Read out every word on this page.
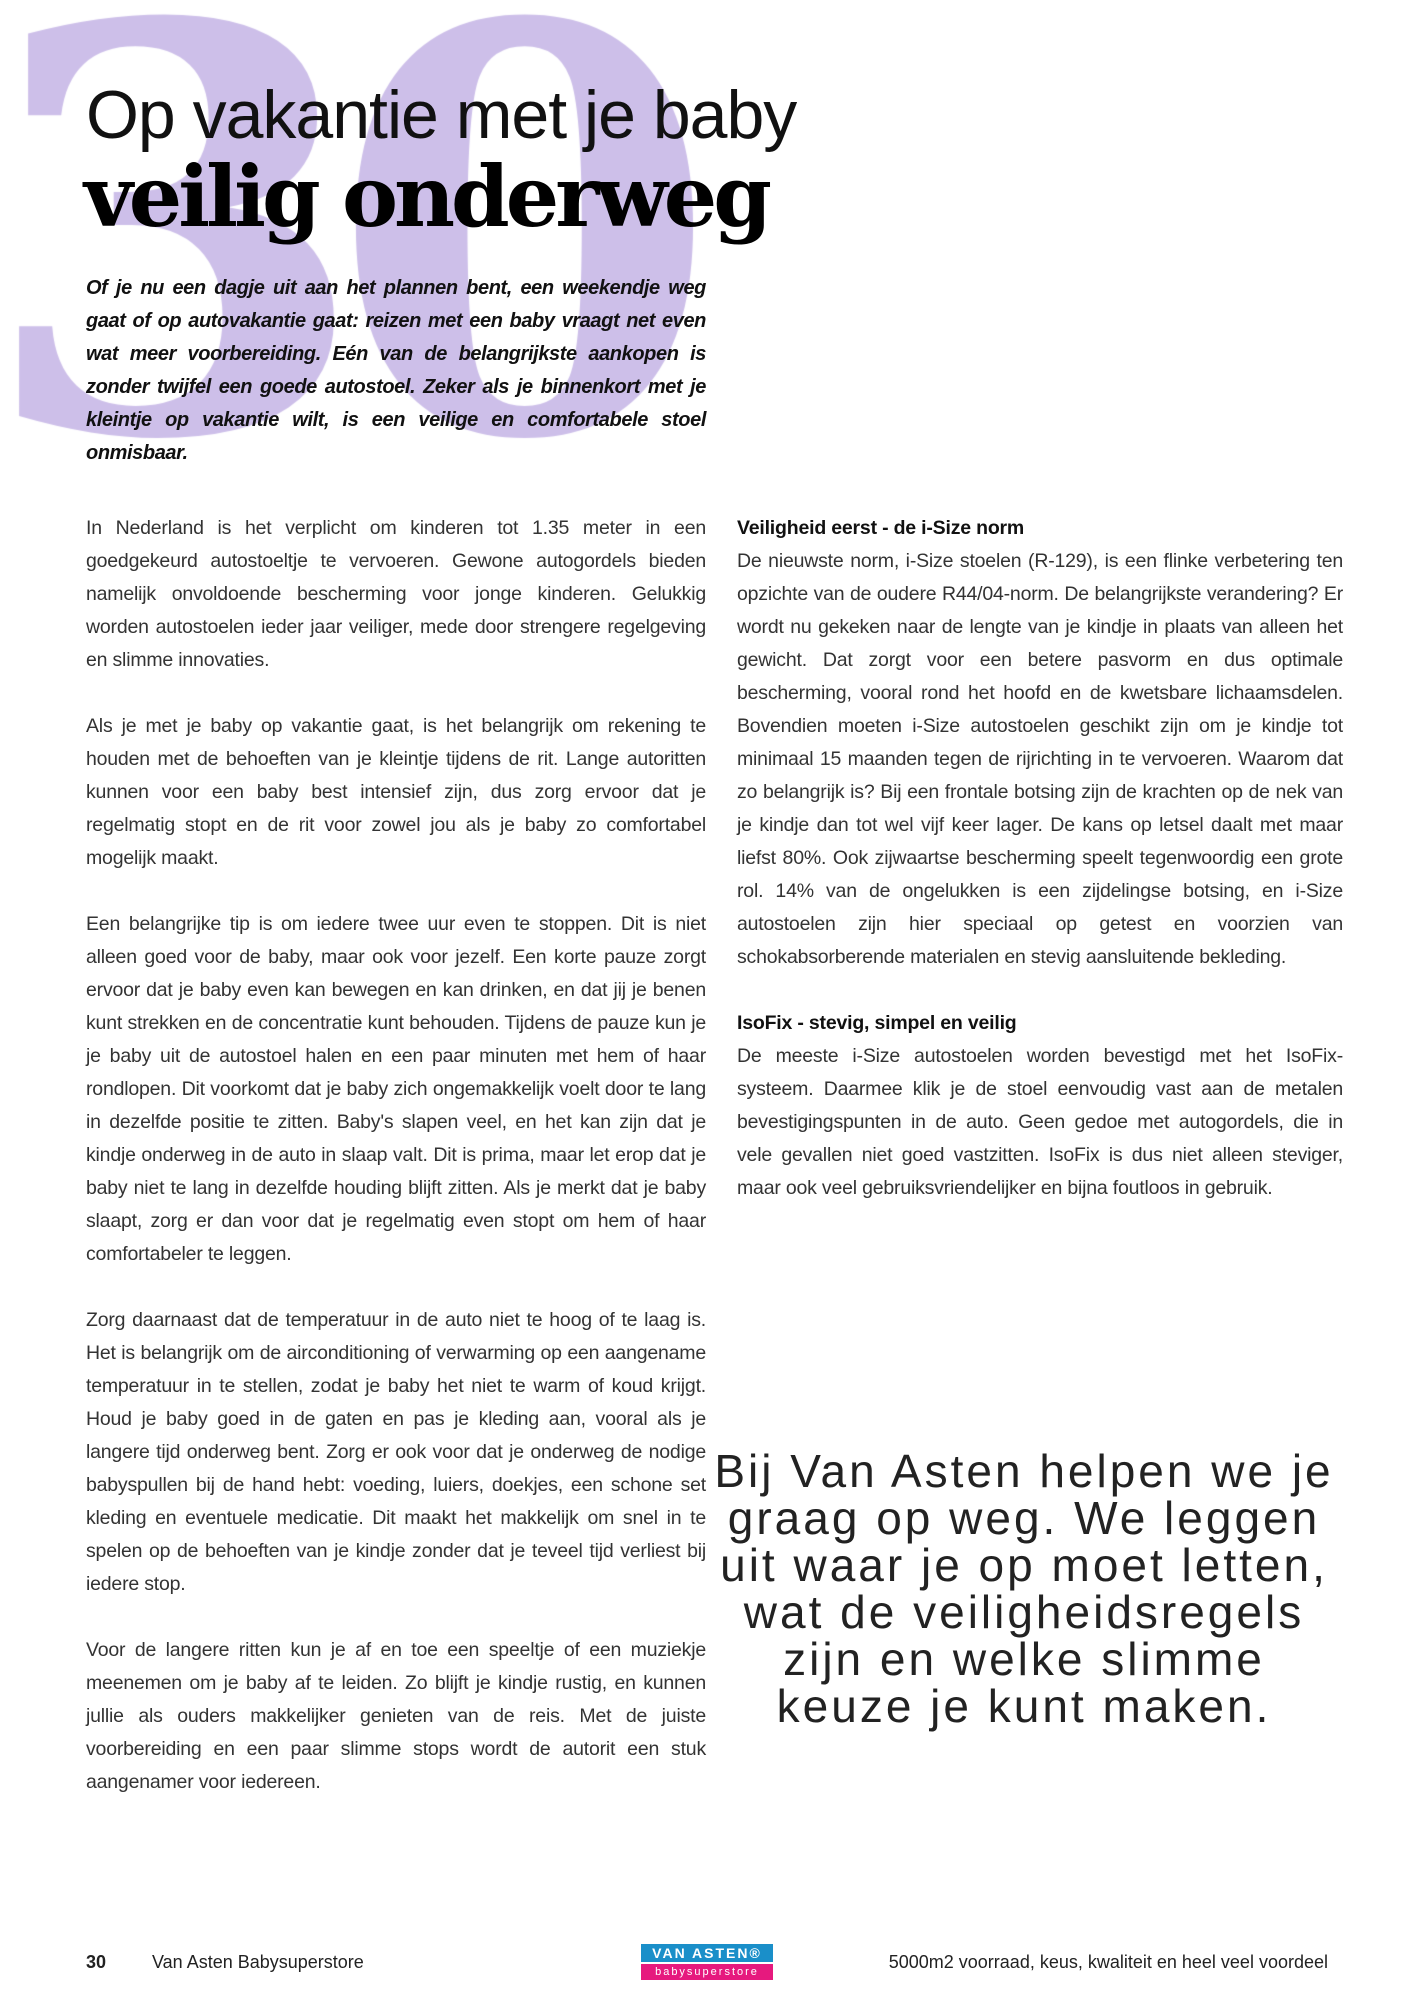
Op vakantie met je baby
veilig onderweg
Of je nu een dagje uit aan het plannen bent, een weekendje weg gaat of op autovakantie gaat: reizen met een baby vraagt net even wat meer voorbereiding. Eén van de belangrijkste aankopen is zonder twijfel een goede autostoel. Zeker als je binnenkort met je kleintje op vakantie wilt, is een veilige en comfortabele stoel onmisbaar.

In Nederland is het verplicht om kinderen tot 1.35 meter in een goedgekeurd autostoeltje te vervoeren. Gewone autogordels bieden namelijk onvoldoende bescherming voor jonge kinderen. Gelukkig worden autostoelen ieder jaar veiliger, mede door strengere regelgeving en slimme innovaties.

Als je met je baby op vakantie gaat, is het belangrijk om rekening te houden met de behoeften van je kleintje tijdens de rit. Lange autoritten kunnen voor een baby best intensief zijn, dus zorg ervoor dat je regelmatig stopt en de rit voor zowel jou als je baby zo comfortabel mogelijk maakt.

Een belangrijke tip is om iedere twee uur even te stoppen. Dit is niet alleen goed voor de baby, maar ook voor jezelf. Een korte pauze zorgt ervoor dat je baby even kan bewegen en kan drinken, en dat jij je benen kunt strekken en de concentratie kunt behouden. Tijdens de pauze kun je je baby uit de autostoel halen en een paar minuten met hem of haar rondlopen. Dit voorkomt dat je baby zich ongemakkelijk voelt door te lang in dezelfde positie te zitten. Baby's slapen veel, en het kan zijn dat je kindje onderweg in de auto in slaap valt. Dit is prima, maar let erop dat je baby niet te lang in dezelfde houding blijft zitten. Als je merkt dat je baby slaapt, zorg er dan voor dat je regelmatig even stopt om hem of haar comfortabeler te leggen.

Zorg daarnaast dat de temperatuur in de auto niet te hoog of te laag is. Het is belangrijk om de airconditioning of verwarming op een aangename temperatuur in te stellen, zodat je baby het niet te warm of koud krijgt. Houd je baby goed in de gaten en pas je kleding aan, vooral als je langere tijd onderweg bent. Zorg er ook voor dat je onderweg de nodige babyspullen bij de hand hebt: voeding, luiers, doekjes, een schone set kleding en eventuele medicatie. Dit maakt het makkelijk om snel in te spelen op de behoeften van je kindje zonder dat je teveel tijd verliest bij iedere stop.

Voor de langere ritten kun je af en toe een speeltje of een muziekje meenemen om je baby af te leiden. Zo blijft je kindje rustig, en kunnen jullie als ouders makkelijker genieten van de reis. Met de juiste voorbereiding en een paar slimme stops wordt de autorit een stuk aangenamer voor iedereen.

Veiligheid eerst - de i-Size norm
De nieuwste norm, i-Size stoelen (R-129), is een flinke verbetering ten opzichte van de oudere R44/04-norm. De belangrijkste verandering? Er wordt nu gekeken naar de lengte van je kindje in plaats van alleen het gewicht. Dat zorgt voor een betere pasvorm en dus optimale bescherming, vooral rond het hoofd en de kwetsbare lichaamsdelen. Bovendien moeten i-Size autostoelen geschikt zijn om je kindje tot minimaal 15 maanden tegen de rijrichting in te vervoeren. Waarom dat zo belangrijk is? Bij een frontale botsing zijn de krachten op de nek van je kindje dan tot wel vijf keer lager. De kans op letsel daalt met maar liefst 80%. Ook zijwaartse bescherming speelt tegenwoordig een grote rol. 14% van de ongelukken is een zijdelingse botsing, en i-Size autostoelen zijn hier speciaal op getest en voorzien van schokabsorberende materialen en stevig aansluitende bekleding.

IsoFix - stevig, simpel en veilig
De meeste i-Size autostoelen worden bevestigd met het IsoFix-systeem. Daarmee klik je de stoel eenvoudig vast aan de metalen bevestigingspunten in de auto. Geen gedoe met autogordels, die in vele gevallen niet goed vastzitten. IsoFix is dus niet alleen steviger, maar ook veel gebruiksvriendelijker en bijna foutloos in gebruik.

Bij Van Asten helpen we je graag op weg. We leggen uit waar je op moet letten, wat de veiligheidsregels zijn en welke slimme keuze je kunt maken.
30	Van Asten Babysuperstore	VAN ASTEN®
babysuperstore	5000m2 voorraad, keus, kwaliteit en heel veel voordeel
